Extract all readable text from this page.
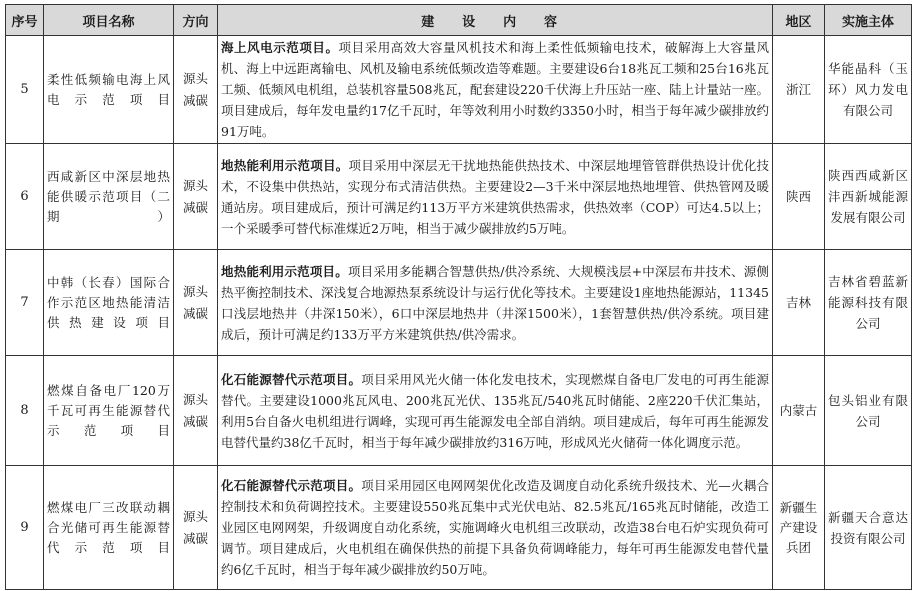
序号	项目名称	方向	建 设 内 容	地区	实施主体
5	柔性低频输电海上风电示范项目	源头减碳	海上风电示范项目。项目采用高效大容量风机技术和海上柔性低频输电技术，破解海上大容量风机、海上中远距离输电、风机及输电系统低频改造等难题。主要建设6台18兆瓦工频和25台16兆瓦工频、低频风电机组，总装机容量508兆瓦，配套建设220千伏海上升压站一座、陆上计量站一座。项目建成后，每年发电量约17亿千瓦时，年等效利用小时数约3350小时，相当于每年减少碳排放约91万吨。	浙江	华能晶科（玉环）风力发电有限公司
6	西咸新区中深层地热能供暖示范项目（二期）	源头减碳	地热能利用示范项目。项目采用中深层无干扰地热能供热技术、中深层地埋管管群供热设计优化技术，不设集中供热站，实现分布式清洁供热。主要建设2—3千米中深层地热地埋管、供热管网及暖通站房。项目建成后，预计可满足约113万平方米建筑供热需求，供热效率（COP）可达4.5以上；一个采暖季可替代标准煤近2万吨，相当于减少碳排放约5万吨。	陕西	陕西西咸新区沣西新城能源发展有限公司
7	中韩（长春）国际合作示范区地热能清洁供热建设项目	源头减碳	地热能利用示范项目。项目采用多能耦合智慧供热/供冷系统、大规模浅层+中深层布井技术、源侧热平衡控制技术、深浅复合地源热泵系统设计与运行优化等技术。主要建设1座地热能源站，11345口浅层地热井（井深150米），6口中深层地热井（井深1500米），1套智慧供热/供冷系统。项目建成后，预计可满足约133万平方米建筑供热/供冷需求。	吉林	吉林省碧蓝新能源科技有限公司
8	燃煤自备电厂120万千瓦可再生能源替代示范项目	源头减碳	化石能源替代示范项目。项目采用风光火储一体化发电技术，实现燃煤自备电厂发电的可再生能源替代。主要建设1000兆瓦风电、200兆瓦光伏、135兆瓦/540兆瓦时储能、2座220千伏汇集站，利用5台自备火电机组进行调峰，实现可再生能源发电全部自消纳。项目建成后，每年可再生能源发电替代量约38亿千瓦时，相当于每年减少碳排放约316万吨，形成风光火储荷一体化调度示范。	内蒙古	包头铝业有限公司
9	燃煤电厂三改联动耦合光储可再生能源替代示范项目	源头减碳	化石能源替代示范项目。项目采用园区电网网架优化改造及调度自动化系统升级技术、光—火耦合控制技术和负荷调控技术。主要建设550兆瓦集中式光伏电站、82.5兆瓦/165兆瓦时储能，改造工业园区电网网架，升级调度自动化系统，实施调峰火电机组三改联动，改造38台电石炉实现负荷可调节。项目建成后，火电机组在确保供热的前提下具备负荷调峰能力，每年可再生能源发电替代量约6亿千瓦时，相当于每年减少碳排放约50万吨。	新疆生产建设兵团	新疆天合意达投资有限公司
